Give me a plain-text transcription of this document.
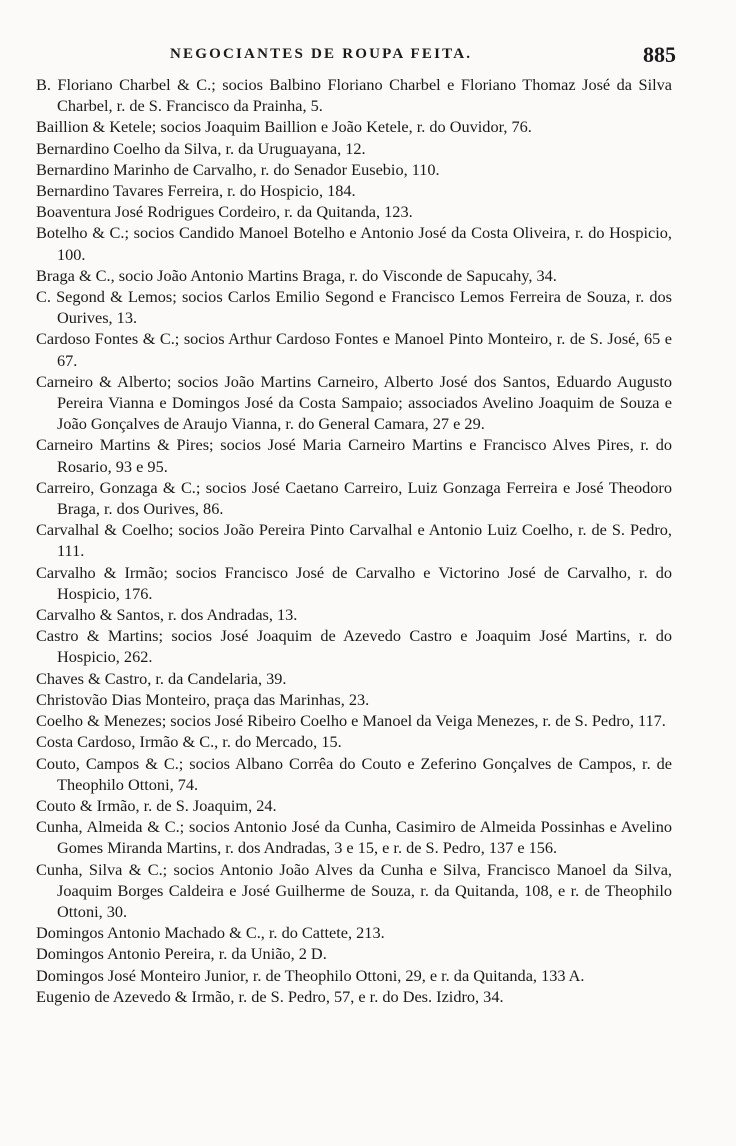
NEGOCIANTES DE ROUPA FEITA.	885
B. Floriano Charbel & C.; socios Balbino Floriano Charbel e Floriano Thomaz José da Silva Charbel, r. de S. Francisco da Prainha, 5.
Baillion & Ketele; socios Joaquim Baillion e João Ketele, r. do Ouvidor, 76.
Bernardino Coelho da Silva, r. da Uruguayana, 12.
Bernardino Marinho de Carvalho, r. do Senador Eusebio, 110.
Bernardino Tavares Ferreira, r. do Hospicio, 184.
Boaventura José Rodrigues Cordeiro, r. da Quitanda, 123.
Botelho & C.; socios Candido Manoel Botelho e Antonio José da Costa Oliveira, r. do Hospicio, 100.
Braga & C., socio João Antonio Martins Braga, r. do Visconde de Sapucahy, 34.
C. Segond & Lemos; socios Carlos Emilio Segond e Francisco Lemos Ferreira de Souza, r. dos Ourives, 13.
Cardoso Fontes & C.; socios Arthur Cardoso Fontes e Manoel Pinto Monteiro, r. de S. José, 65 e 67.
Carneiro & Alberto; socios João Martins Carneiro, Alberto José dos Santos, Eduardo Augusto Pereira Vianna e Domingos José da Costa Sampaio; associados Avelino Joaquim de Souza e João Gonçalves de Araujo Vianna, r. do General Camara, 27 e 29.
Carneiro Martins & Pires; socios José Maria Carneiro Martins e Francisco Alves Pires, r. do Rosario, 93 e 95.
Carreiro, Gonzaga & C.; socios José Caetano Carreiro, Luiz Gonzaga Ferreira e José Theodoro Braga, r. dos Ourives, 86.
Carvalhal & Coelho; socios João Pereira Pinto Carvalhal e Antonio Luiz Coelho, r. de S. Pedro, 111.
Carvalho & Irmão; socios Francisco José de Carvalho e Victorino José de Carvalho, r. do Hospicio, 176.
Carvalho & Santos, r. dos Andradas, 13.
Castro & Martins; socios José Joaquim de Azevedo Castro e Joaquim José Martins, r. do Hospicio, 262.
Chaves & Castro, r. da Candelaria, 39.
Christovão Dias Monteiro, praça das Marinhas, 23.
Coelho & Menezes; socios José Ribeiro Coelho e Manoel da Veiga Menezes, r. de S. Pedro, 117.
Costa Cardoso, Irmão & C., r. do Mercado, 15.
Couto, Campos & C.; socios Albano Corrêa do Couto e Zeferino Gonçalves de Campos, r. de Theophilo Ottoni, 74.
Couto & Irmão, r. de S. Joaquim, 24.
Cunha, Almeida & C.; socios Antonio José da Cunha, Casimiro de Almeida Possinhas e Avelino Gomes Miranda Martins, r. dos Andradas, 3 e 15, e r. de S. Pedro, 137 e 156.
Cunha, Silva & C.; socios Antonio João Alves da Cunha e Silva, Francisco Manoel da Silva, Joaquim Borges Caldeira e José Guilherme de Souza, r. da Quitanda, 108, e r. de Theophilo Ottoni, 30.
Domingos Antonio Machado & C., r. do Cattete, 213.
Domingos Antonio Pereira, r. da União, 2 D.
Domingos José Monteiro Junior, r. de Theophilo Ottoni, 29, e r. da Quitanda, 133 A.
Eugenio de Azevedo & Irmão, r. de S. Pedro, 57, e r. do Des. Izidro, 34.
